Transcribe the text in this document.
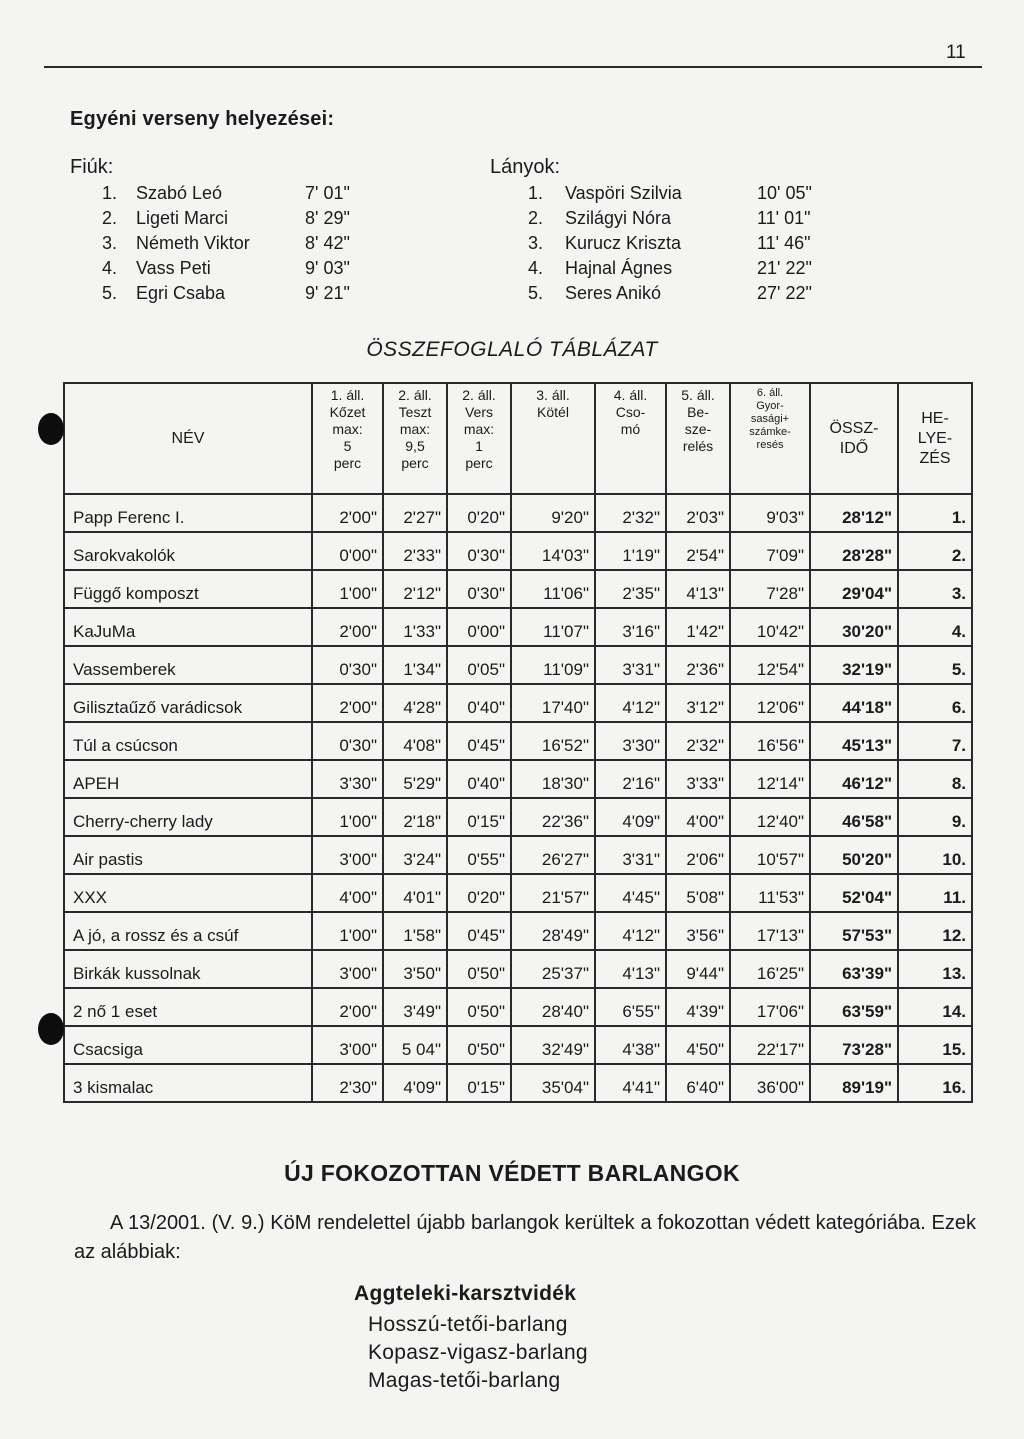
11
Egyéni verseny helyezései:
Fiúk:
1. Szabó Leó	7' 01"
2. Ligeti Marci	8' 29"
3. Németh Viktor	8' 42"
4. Vass Peti	9' 03"
5. Egri Csaba	9' 21"
Lányok:
1. Vaspöri Szilvia	10' 05"
2. Szilágyi Nóra	11' 01"
3. Kurucz Kriszta	11' 46"
4. Hajnal Ágnes	21' 22"
5. Seres Anikó	27' 22"
ÖSSZEFOGLALÓ TÁBLÁZAT
NÉV	1. áll.
Kőzet
max:
5
perc	2. áll.
Teszt
max:
9,5
perc	2. áll.
Vers
max:
1
perc	3. áll.
Kötél	4. áll.
Cso-
mó	5. áll.
Be-
sze-
relés	6. áll.
Gyor-
sasági+
számke-
resés	ÖSSZ-
IDŐ	HE-
LYE-
ZÉS
Papp Ferenc I.	2'00"	2'27"	0'20"	9'20"	2'32"	2'03"	9'03"	28'12"	1.
Sarokvakolók	0'00"	2'33"	0'30"	14'03"	1'19"	2'54"	7'09"	28'28"	2.
Függő komposzt	1'00"	2'12"	0'30"	11'06"	2'35"	4'13"	7'28"	29'04"	3.
KaJuMa	2'00"	1'33"	0'00"	11'07"	3'16"	1'42"	10'42"	30'20"	4.
Vassemberek	0'30"	1'34"	0'05"	11'09"	3'31"	2'36"	12'54"	32'19"	5.
Gilisztaűző varádicsok	2'00"	4'28"	0'40"	17'40"	4'12"	3'12"	12'06"	44'18"	6.
Túl a csúcson	0'30"	4'08"	0'45"	16'52"	3'30"	2'32"	16'56"	45'13"	7.
APEH	3'30"	5'29"	0'40"	18'30"	2'16"	3'33"	12'14"	46'12"	8.
Cherry-cherry lady	1'00"	2'18"	0'15"	22'36"	4'09"	4'00"	12'40"	46'58"	9.
Air pastis	3'00"	3'24"	0'55"	26'27"	3'31"	2'06"	10'57"	50'20"	10.
XXX	4'00"	4'01"	0'20"	21'57"	4'45"	5'08"	11'53"	52'04"	11.
A jó, a rossz és a csúf	1'00"	1'58"	0'45"	28'49"	4'12"	3'56"	17'13"	57'53"	12.
Birkák kussolnak	3'00"	3'50"	0'50"	25'37"	4'13"	9'44"	16'25"	63'39"	13.
2 nő 1 eset	2'00"	3'49"	0'50"	28'40"	6'55"	4'39"	17'06"	63'59"	14.
Csacsiga	3'00"	5 04"	0'50"	32'49"	4'38"	4'50"	22'17"	73'28"	15.
3 kismalac	2'30"	4'09"	0'15"	35'04"	4'41"	6'40"	36'00"	89'19"	16.
ÚJ FOKOZOTTAN VÉDETT BARLANGOK
A 13/2001. (V. 9.) KöM rendelettel újabb barlangok kerültek a fokozottan védett kategóriába. Ezek az alábbiak:
Aggteleki-karsztvidék
Hosszú-tetői-barlang
Kopasz-vigasz-barlang
Magas-tetői-barlang
